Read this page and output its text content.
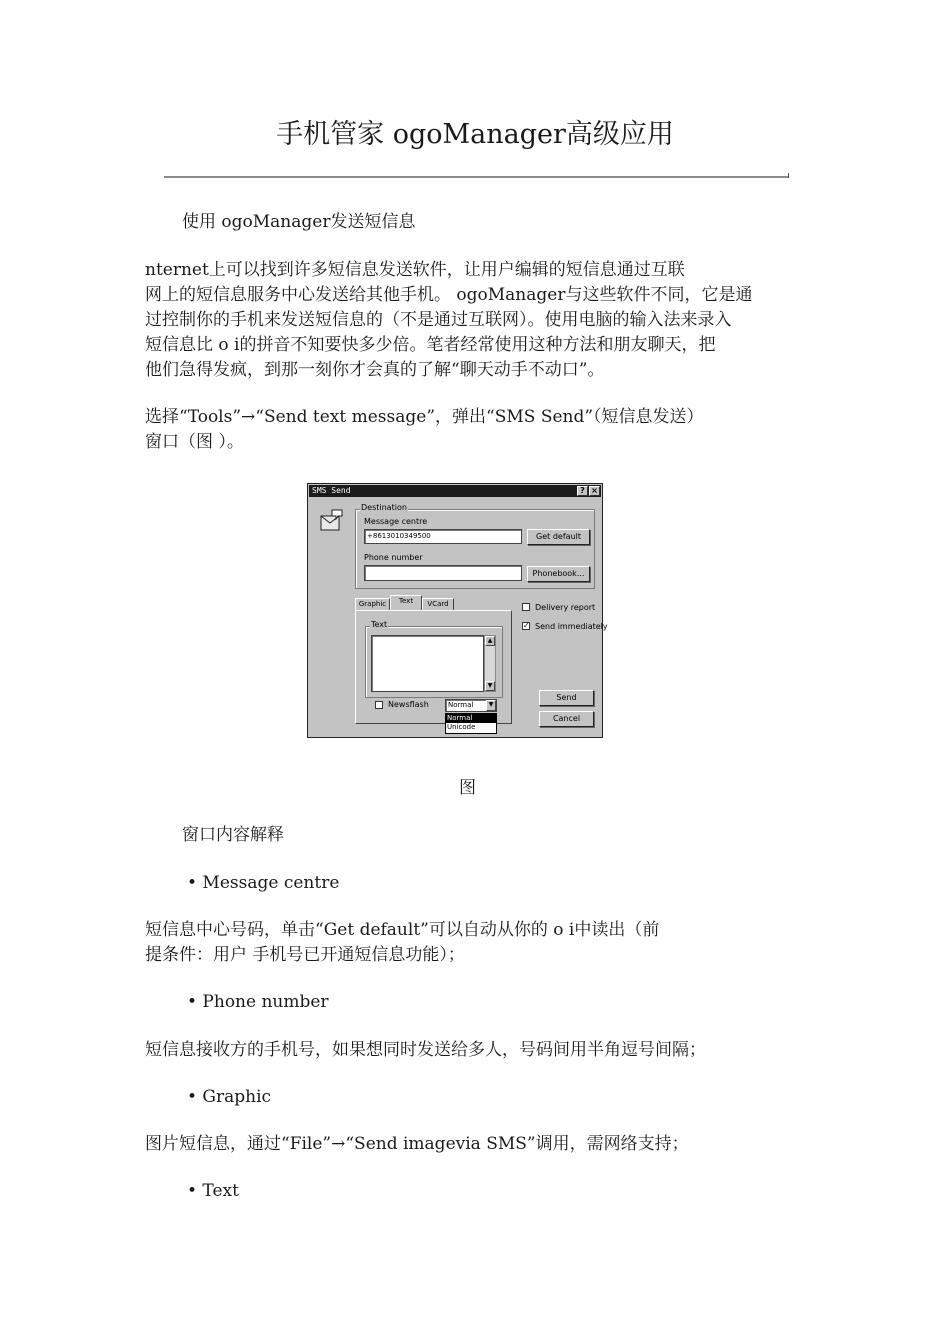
手机管家 ogoManager高级应用
使用 ogoManager发送短信息
nternet上可以找到许多短信息发送软件，让用户编辑的短信息通过互联
网上的短信息服务中心发送给其他手机。 ogoManager与这些软件不同，它是通
过控制你的手机来发送短信息的（不是通过互联网）。使用电脑的输入法来录入
短信息比 o i的拼音不知要快多少倍。笔者经常使用这种方法和朋友聊天，把
他们急得发疯，到那一刻你才会真的了解“聊天动手不动口”。
选择“Tools”→“Send text message”，弹出“SMS Send”（短信息发送）
窗口（图 ）。
SMS Send	? ×
Destination
Message centre
+8613010349500	Get default
Phone number
Phonebook...
Graphic	Text	VCard
Text
▲
▼
Newsflash	Normal	▼
Normal
Unicode
Delivery report
✓ Send immediately
Send
Cancel
图
窗口内容解释
• Message centre
短信息中心号码，单击“Get default”可以自动从你的 o i中读出（前
提条件：用户 手机号已开通短信息功能）；
• Phone number
短信息接收方的手机号，如果想同时发送给多人，号码间用半角逗号间隔；
• Graphic
图片短信息，通过“File”→“Send imagevia SMS”调用，需网络支持；
• Text
